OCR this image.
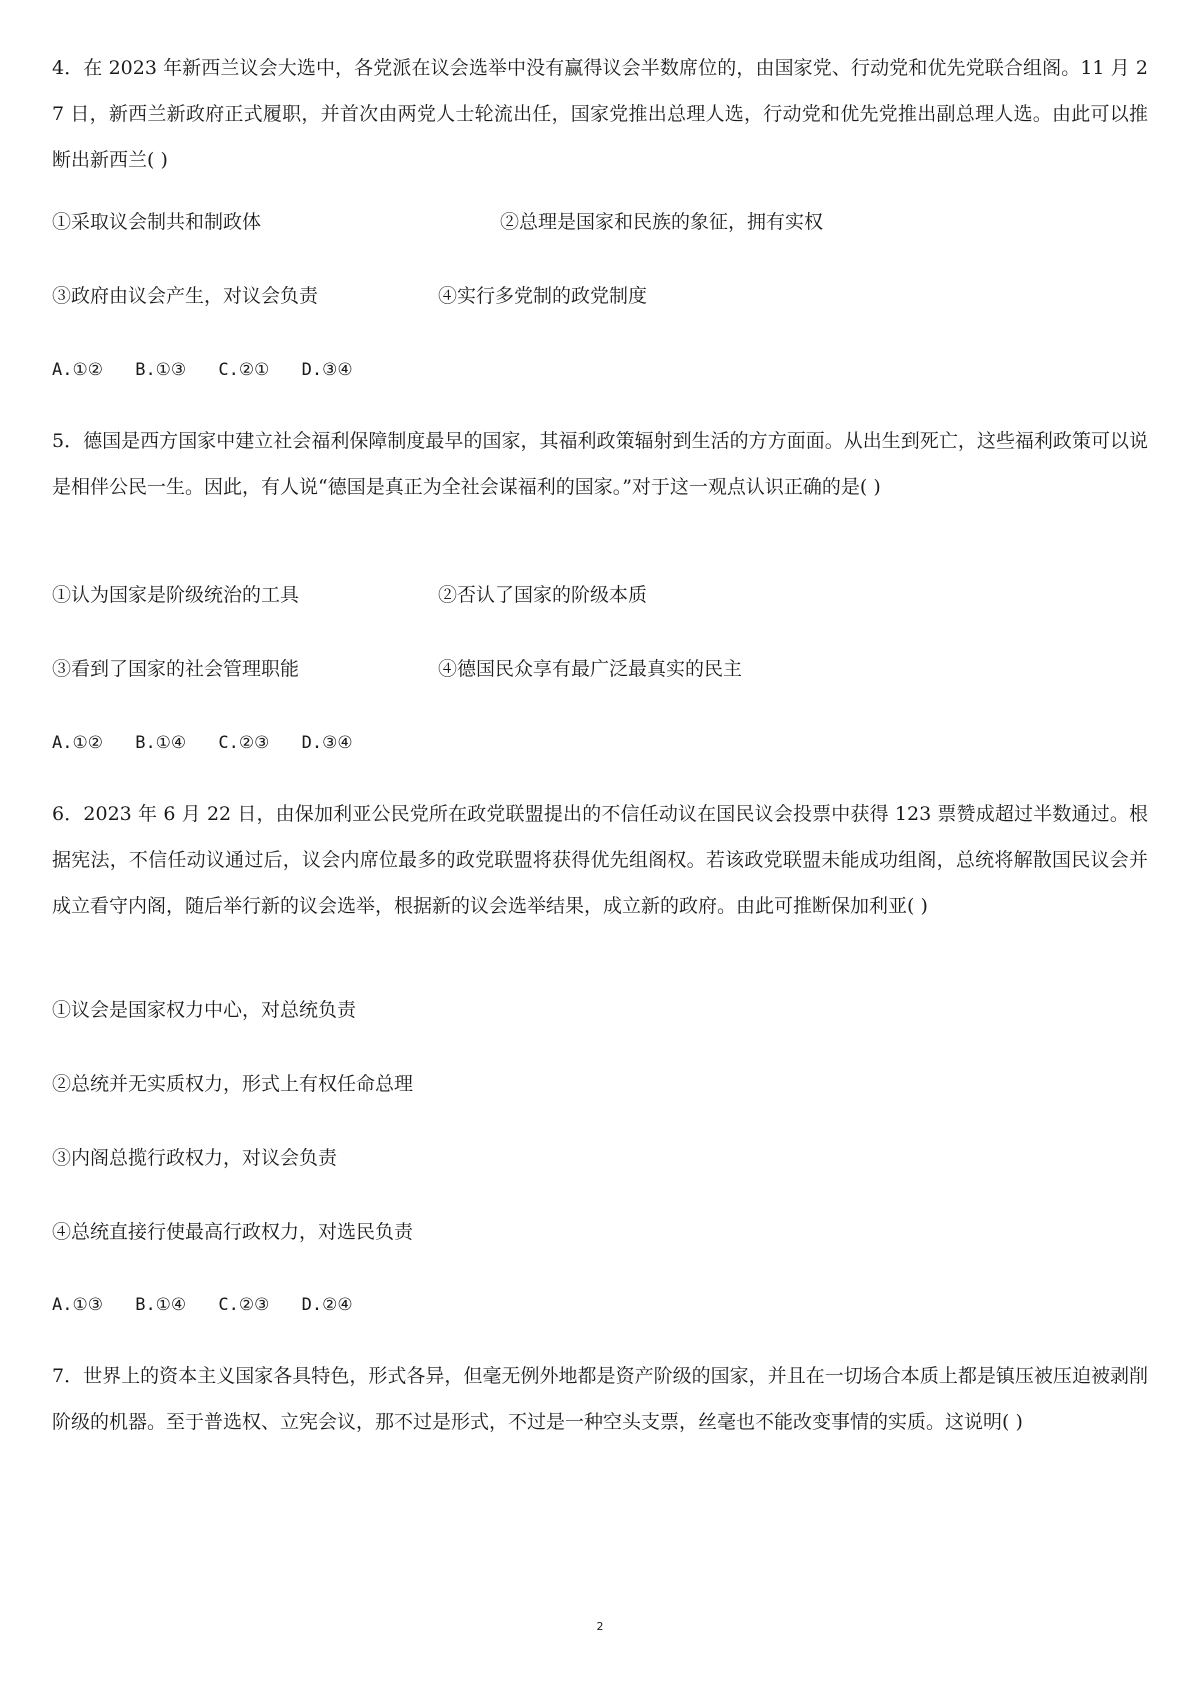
4．在 2023 年新西兰议会大选中，各党派在议会选举中没有赢得议会半数席位的，由国家党、行动党和优先党联合组阁。11 月 27 日，新西兰新政府正式履职，并首次由两党人士轮流出任，国家党推出总理人选，行动党和优先党推出副总理人选。由此可以推断出新西兰( )

①采取议会制共和制政体	②总理是国家和民族的象征，拥有实权

③政府由议会产生，对议会负责	④实行多党制的政党制度

A.①② B.①③ C.②① D.③④

5．德国是西方国家中建立社会福利保障制度最早的国家，其福利政策辐射到生活的方方面面。从出生到死亡，这些福利政策可以说是相伴公民一生。因此，有人说“德国是真正为全社会谋福利的国家。”对于这一观点认识正确的是( )

①认为国家是阶级统治的工具	②否认了国家的阶级本质

③看到了国家的社会管理职能	④德国民众享有最广泛最真实的民主

A.①② B.①④ C.②③ D.③④

6．2023 年 6 月 22 日，由保加利亚公民党所在政党联盟提出的不信任动议在国民议会投票中获得 123 票赞成超过半数通过。根据宪法，不信任动议通过后，议会内席位最多的政党联盟将获得优先组阁权。若该政党联盟未能成功组阁，总统将解散国民议会并成立看守内阁，随后举行新的议会选举，根据新的议会选举结果，成立新的政府。由此可推断保加利亚( )

①议会是国家权力中心，对总统负责

②总统并无实质权力，形式上有权任命总理

③内阁总揽行政权力，对议会负责

④总统直接行使最高行政权力，对选民负责

A.①③ B.①④ C.②③ D.②④

7．世界上的资本主义国家各具特色，形式各异，但毫无例外地都是资产阶级的国家，并且在一切场合本质上都是镇压被压迫被剥削阶级的机器。至于普选权、立宪会议，那不过是形式，不过是一种空头支票，丝毫也不能改变事情的实质。这说明( )

2
